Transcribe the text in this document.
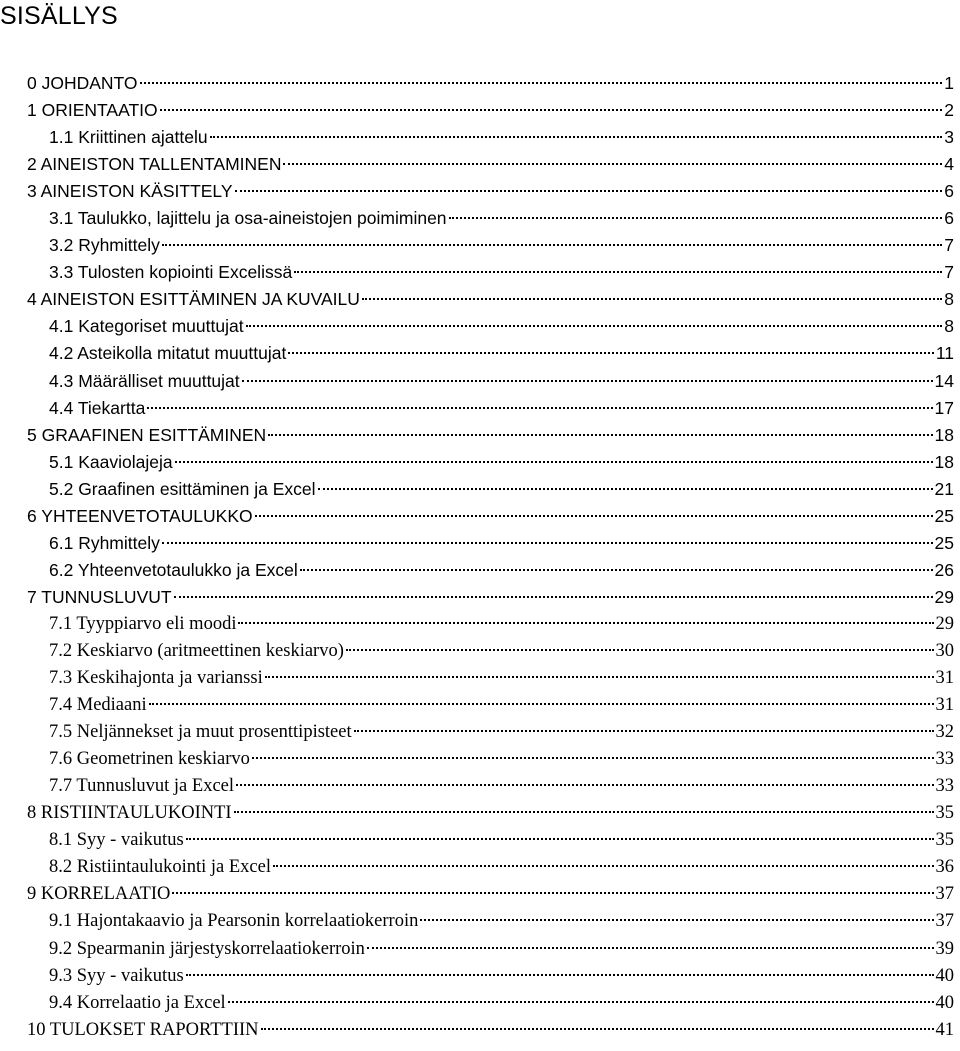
SISÄLLYS
0 JOHDANTO	1
1 ORIENTAATIO	2
1.1 Kriittinen ajattelu	3
2 AINEISTON TALLENTAMINEN	4
3 AINEISTON KÄSITTELY	6
3.1 Taulukko, lajittelu ja osa-aineistojen poimiminen	6
3.2 Ryhmittely	7
3.3 Tulosten kopiointi Excelissä	7
4 AINEISTON ESITTÄMINEN JA KUVAILU	8
4.1 Kategoriset muuttujat	8
4.2 Asteikolla mitatut muuttujat	11
4.3 Määrälliset muuttujat	14
4.4 Tiekartta	17
5 GRAAFINEN ESITTÄMINEN	18
5.1 Kaaviolajeja	18
5.2 Graafinen esittäminen ja Excel	21
6 YHTEENVETOTAULUKKO	25
6.1 Ryhmittely	25
6.2 Yhteenvetotaulukko ja Excel	26
7 TUNNUSLUVUT	29
7.1 Tyyppiarvo eli moodi	29
7.2 Keskiarvo (aritmeettinen keskiarvo)	30
7.3 Keskihajonta ja varianssi	31
7.4 Mediaani	31
7.5 Neljännekset ja muut prosenttipisteet	32
7.6 Geometrinen keskiarvo	33
7.7 Tunnusluvut ja Excel	33
8 RISTIINTAULUKOINTI	35
8.1 Syy - vaikutus	35
8.2 Ristiintaulukointi ja Excel	36
9 KORRELAATIO	37
9.1 Hajontakaavio ja Pearsonin korrelaatiokerroin	37
9.2 Spearmanin järjestyskorrelaatiokerroin	39
9.3 Syy - vaikutus	40
9.4 Korrelaatio ja Excel	40
10 TULOKSET RAPORTTIIN	41
